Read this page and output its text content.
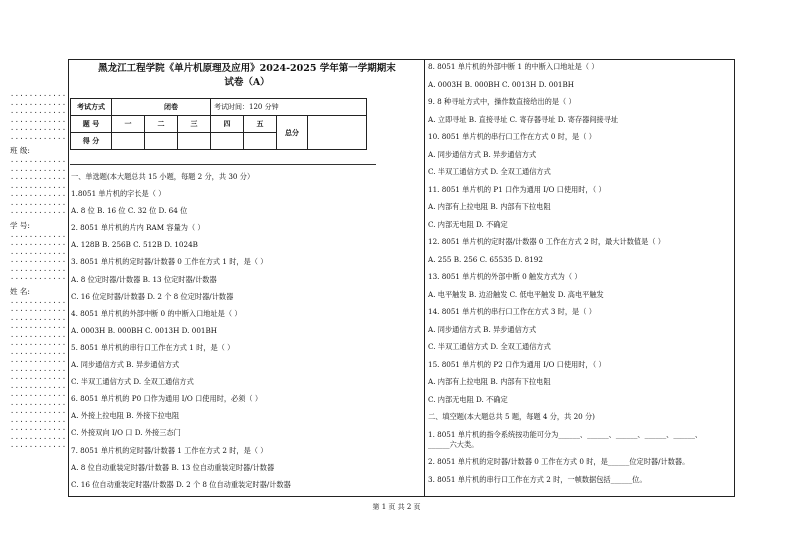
············
············
············
············
············
············
班 级:
············
············
············
············
············
············
············
学 号:
············
············
············
············
············
············
姓 名:
············
············
············
············
············
············
············
············
············
············
············
············
············
············
············
············
············
············
黑龙江工程学院《单片机原理及应用》2024-2025 学年第一学期期末
试卷（A）
考试方式	闭卷			考试时间：120 分钟			
题 号	一	二	三	四	五	总分	
得 分							
一、单选题(本大题总共 15 小题，每题 2 分，共 30 分）
1.8051 单片机的字长是（ ）
A. 8 位 B. 16 位 C. 32 位 D. 64 位
2. 8051 单片机的片内 RAM 容量为（ ）
A. 128B B. 256B C. 512B D. 1024B
3. 8051 单片机的定时器/计数器 0 工作在方式 1 时，是（ ）
A. 8 位定时器/计数器 B. 13 位定时器/计数器
C. 16 位定时器/计数器 D. 2 个 8 位定时器/计数器
4. 8051 单片机的外部中断 0 的中断入口地址是（ ）
A. 0003H B. 000BH C. 0013H D. 001BH
5. 8051 单片机的串行口工作在方式 1 时，是（ ）
A. 同步通信方式 B. 异步通信方式
C. 半双工通信方式 D. 全双工通信方式
6. 8051 单片机的 P0 口作为通用 I/O 口使用时，必须（ ）
A. 外接上拉电阻 B. 外接下拉电阻
C. 外接双向 I/O 口 D. 外接三态门
7. 8051 单片机的定时器/计数器 1 工作在方式 2 时，是（ ）
A. 8 位自动重装定时器/计数器 B. 13 位自动重装定时器/计数器
C. 16 位自动重装定时器/计数器 D. 2 个 8 位自动重装定时器/计数器
8. 8051 单片机的外部中断 1 的中断入口地址是（ ）
A. 0003H B. 000BH C. 0013H D. 001BH
9. 8 种寻址方式中，操作数直接给出的是（ ）
A. 立即寻址 B. 直接寻址 C. 寄存器寻址 D. 寄存器间接寻址
10. 8051 单片机的串行口工作在方式 0 时，是（ ）
A. 同步通信方式 B. 异步通信方式
C. 半双工通信方式 D. 全双工通信方式
11. 8051 单片机的 P1 口作为通用 I/O 口使用时，（ ）
A. 内部有上拉电阻 B. 内部有下拉电阻
C. 内部无电阻 D. 不确定
12. 8051 单片机的定时器/计数器 0 工作在方式 2 时，最大计数值是（ ）
A. 255 B. 256 C. 65535 D. 8192
13. 8051 单片机的外部中断 0 触发方式为（ ）
A. 电平触发 B. 边沿触发 C. 低电平触发 D. 高电平触发
14. 8051 单片机的串行口工作在方式 3 时，是（ ）
A. 同步通信方式 B. 异步通信方式
C. 半双工通信方式 D. 全双工通信方式
15. 8051 单片机的 P2 口作为通用 I/O 口使用时，（ ）
A. 内部有上拉电阻 B. 内部有下拉电阻
C. 内部无电阻 D. 不确定
二、填空题(本大题总共 5 题，每题 4 分，共 20 分)
1. 8051 单片机的指令系统按功能可分为______、______、______、______、______、
______六大类。
2. 8051 单片机的定时器/计数器 0 工作在方式 0 时，是______位定时器/计数器。
3. 8051 单片机的串行口工作在方式 2 时，一帧数据包括______位。
第 1 页 共 2 页
